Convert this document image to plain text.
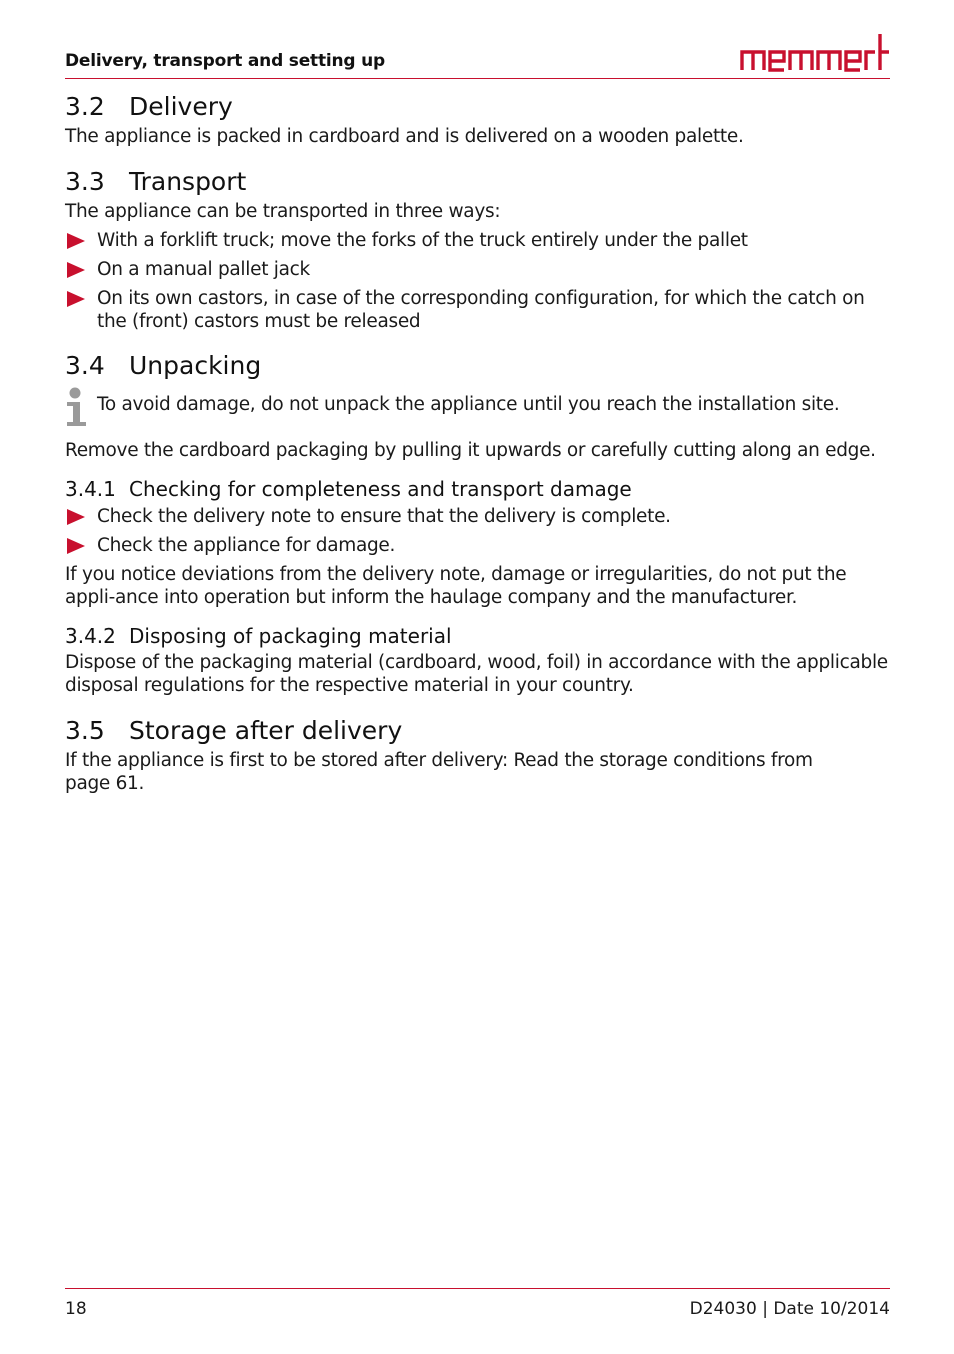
Delivery, transport and setting up
3.2 Delivery

The appliance is packed in cardboard and is delivered on a wooden palette.

3.3 Transport

The appliance can be transported in three ways:

With a forklift truck; move the forks of the truck entirely under the pallet
On a manual pallet jack
On its own castors, in case of the corresponding configuration, for which the catch on the (front) castors must be released
3.4 Unpacking

To avoid damage, do not unpack the appliance until you reach the installation site.

Remove the cardboard packaging by pulling it upwards or carefully cutting along an edge.

3.4.1 Checking for completeness and transport damage
Check the delivery note to ensure that the delivery is complete.
Check the appliance for damage.

If you notice deviations from the delivery note, damage or irregularities, do not put the appli-ance into operation but inform the haulage company and the manufacturer.

3.4.2 Disposing of packaging material

Dispose of the packaging material (cardboard, wood, foil) in accordance with the applicable disposal regulations for the respective material in your country.

3.5 Storage after delivery

If the appliance is first to be stored after delivery: Read the storage conditions from page 61.

18	D24030 | Date 10/2014
